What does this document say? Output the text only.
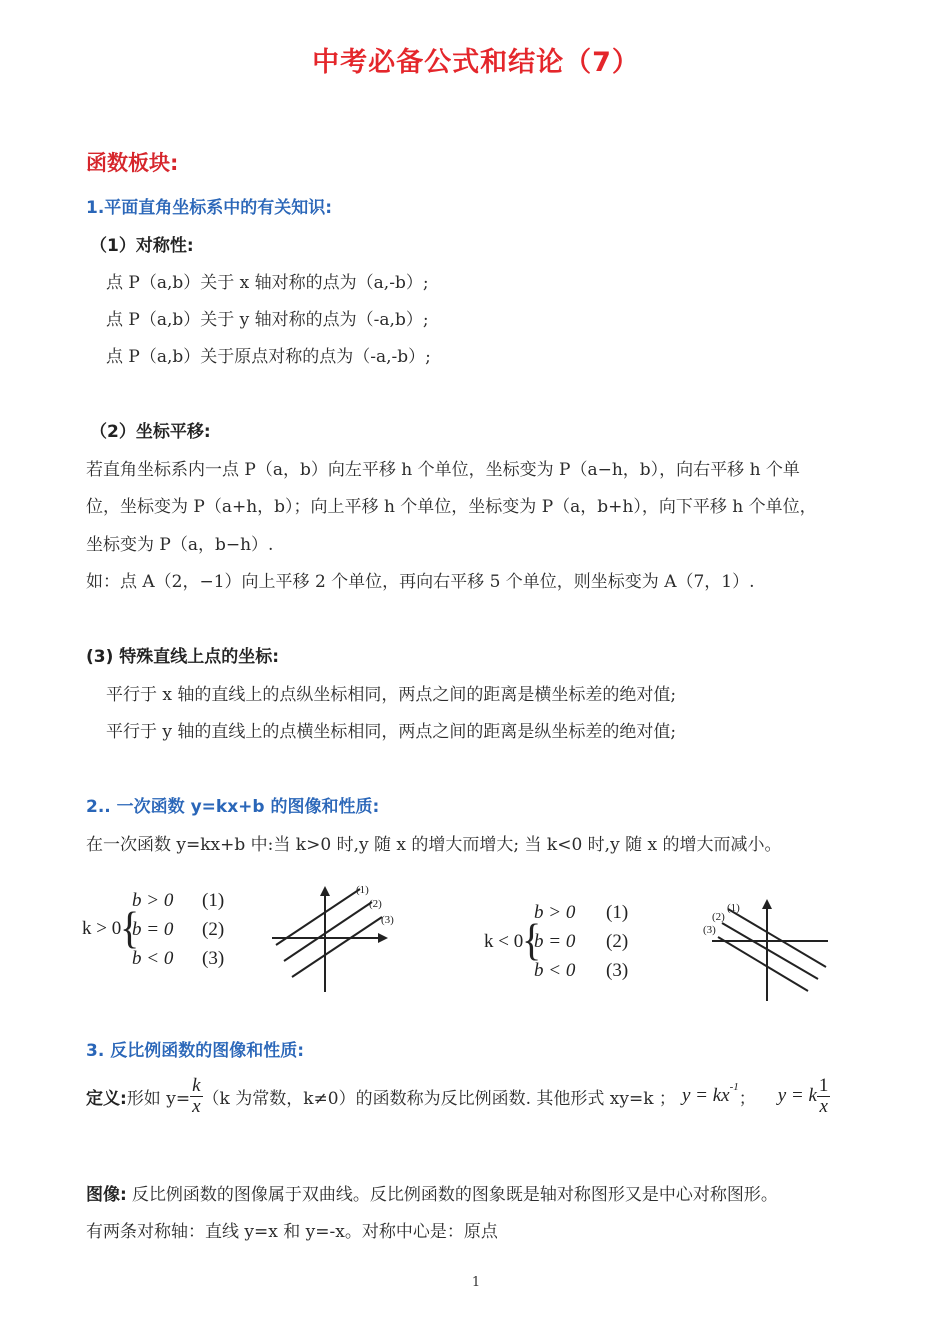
中考必备公式和结论（7）
函数板块:
1.平面直角坐标系中的有关知识:
（1）对称性:
点 P（a,b）关于 x 轴对称的点为（a,-b）;
点 P（a,b）关于 y 轴对称的点为（-a,b）;
点 P（a,b）关于原点对称的点为（-a,-b）;
（2）坐标平移:
若直角坐标系内一点 P（a，b）向左平移 h 个单位，坐标变为 P（a−h，b），向右平移 h 个单
位，坐标变为 P（a+h，b）；向上平移 h 个单位，坐标变为 P（a，b+h），向下平移 h 个单位，
坐标变为 P（a，b−h）.
如：点 A（2，−1）向上平移 2 个单位，再向右平移 5 个单位，则坐标变为 A（7，1）.
(3) 特殊直线上点的坐标:
平行于 x 轴的直线上的点纵坐标相同，两点之间的距离是横坐标差的绝对值;
平行于 y 轴的直线上的点横坐标相同，两点之间的距离是纵坐标差的绝对值;
2.. 一次函数 y=kx+b 的图像和性质:
在一次函数 y=kx+b 中:当 k>0 时,y 随 x 的增大而增大; 当 k<0 时,y 随 x 的增大而减小。
k > 0
{
b > 0
b = 0
b < 0
(1)
(2)
(3)
(1)
(2)
(3)
k < 0
{
b > 0
b = 0
b < 0
(1)
(2)
(3)
(1)
(2)
(3)
3. 反比例函数的图像和性质:
定义: 形如 $y= \frac{k}{x} (k$ 为常数，k≠0）的函数称为反比例函数. 其他形式 xy=k ； $y = kx^{-1}$
； y = k $\frac{1}{x}$
图像: 反比例函数的图像属于双曲线。反比例函数的图象既是轴对称图形又是中心对称图形。
有两条对称轴：直线 y=x 和 y=-x。对称中心是：原点
1
